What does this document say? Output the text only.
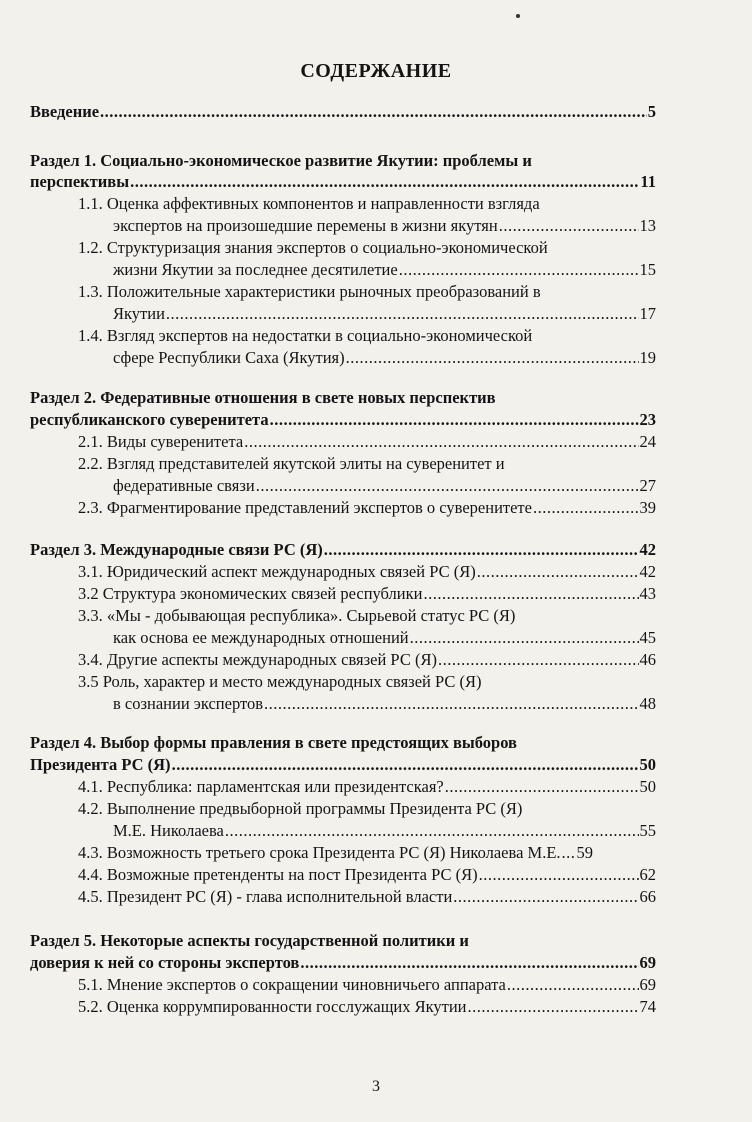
СОДЕРЖАНИЕ
Введение .....	5
Раздел 1. Социально-экономическое развитие Якутии: проблемы и
перспективы .....	11
1.1. Оценка аффективных компонентов и направленности взгляда
экспертов на произошедшие перемены в жизни якутян .....	13
1.2. Структуризация знания экспертов о социально-экономической
жизни Якутии за последнее десятилетие .....	15
1.3. Положительные характеристики рыночных преобразований в
Якутии .....	17
1.4. Взгляд экспертов на недостатки в социально-экономической
сфере Республики Саха (Якутия) .....	19
Раздел 2. Федеративные отношения в свете новых перспектив
республиканского суверенитета .....	23
2.1. Виды суверенитета .....	24
2.2. Взгляд представителей якутской элиты на суверенитет и
федеративные связи .....	27
2.3. Фрагментирование представлений экспертов о суверенитете .....	39
Раздел 3. Международные связи РС (Я) .....	42
3.1. Юридический аспект международных связей РС (Я) .....	42
3.2 Структура экономических связей республики .....	43
3.3. «Мы - добывающая республика». Сырьевой статус РС (Я)
как основа ее международных отношений .....	45
3.4. Другие аспекты международных связей РС (Я) .....	46
3.5 Роль, характер и место международных связей РС (Я)
в сознании экспертов .....	48
Раздел 4. Выбор формы правления в свете предстоящих выборов
Президента РС (Я) .....	50
4.1. Республика: парламентская или президентская? .....	50
4.2. Выполнение предвыборной программы Президента РС (Я)
М.Е. Николаева .....	55
4.3. Возможность третьего срока Президента РС (Я) Николаева М.Е. ..... 59
4.4. Возможные претенденты на пост Президента РС (Я) .....	62
4.5. Президент РС (Я) - глава исполнительной власти .....	66
Раздел 5. Некоторые аспекты государственной политики и
доверия к ней со стороны экспертов .....	69
5.1. Мнение экспертов о сокращении чиновничьего аппарата .....	69
5.2. Оценка коррумпированности госслужащих Якутии .....	74
3
